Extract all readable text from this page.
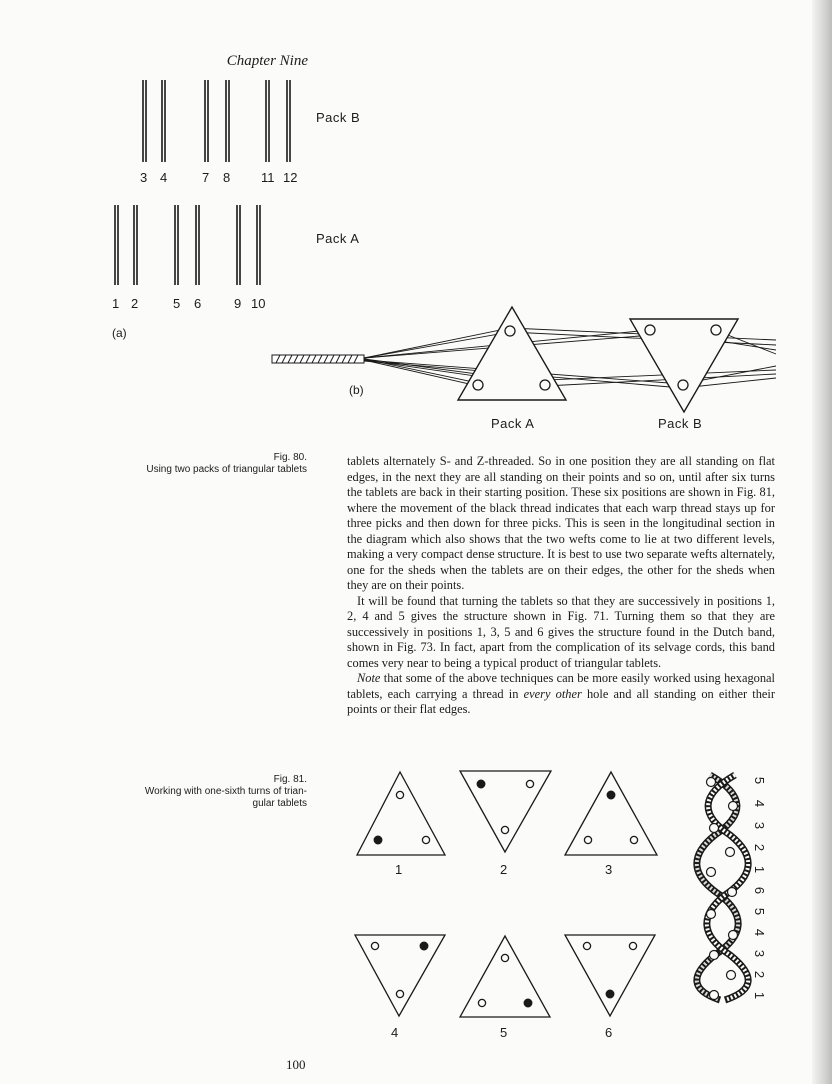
Chapter Nine
Pack B
Pack A
3 4	7 8 11 12
1 2	5 6	9 10
(a)
(b)
Pack A	Pack B
Fig. 80.
Using two packs of triangular tablets

tablets alternately S- and Z-threaded. So in one position they are all standing on flat edges, in the next they are all standing on their points and so on, until after six turns the tablets are back in their starting position. These six positions are shown in Fig. 81, where the movement of the black thread indicates that each warp thread stays up for three picks and then down for three picks. This is seen in the longitudinal section in the diagram which also shows that the two wefts come to lie at two different levels, making a very compact dense structure. It is best to use two separate wefts alternately, one for the sheds when the tablets are on their edges, the other for the sheds when they are on their points.

It will be found that turning the tablets so that they are successively in positions 1, 2, 4 and 5 gives the structure shown in Fig. 71. Turning them so that they are successively in positions 1, 3, 5 and 6 gives the structure found in the Dutch band, shown in Fig. 73. In fact, apart from the complication of its selvage cords, this band comes very near to being a typical product of triangular tablets.

Note that some of the above techniques can be more easily worked using hexagonal tablets, each carrying a thread in every other hole and all standing on either their points or their flat edges.

Fig. 81.
Working with one-sixth turns of trian-
gular tablets
1	2	3
4	5	6
5
4
3
2
1
6
5
4
3
2
1
100
